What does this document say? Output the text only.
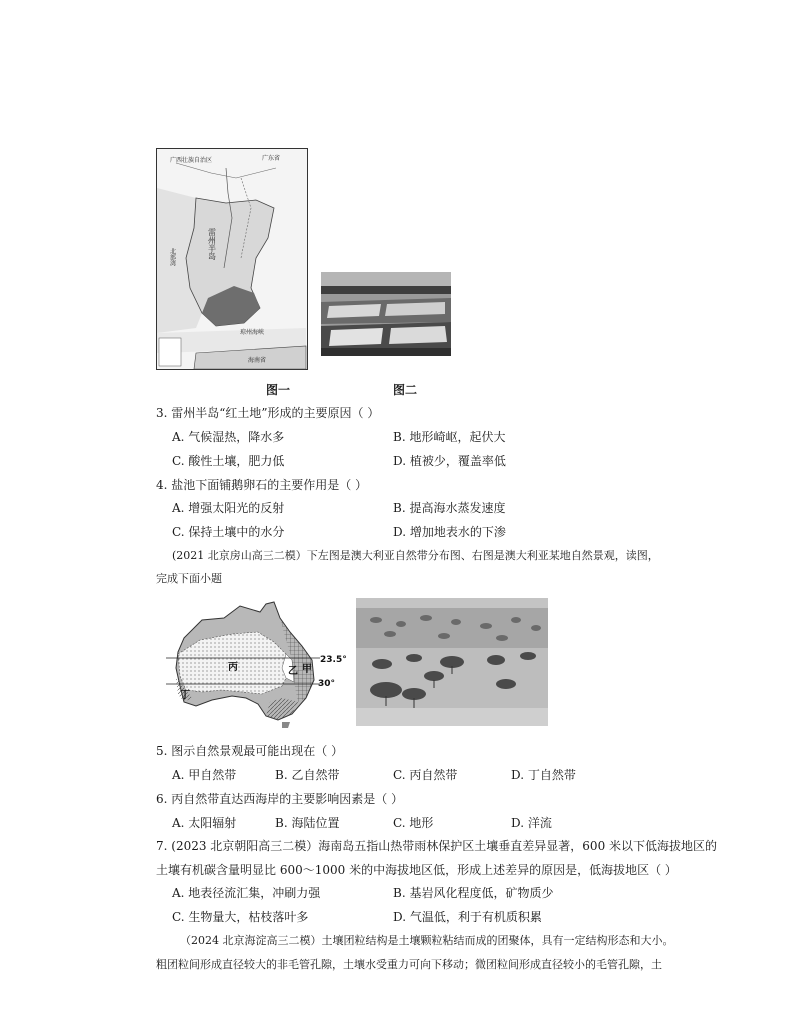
广西壮族自治区	广东省
雷州半岛
北部湾
琼州海峡
海南省
图一	图二
3. 雷州半岛“红土地”形成的主要原因（ ）
A. 气候湿热，降水多	B. 地形崎岖，起伏大
C. 酸性土壤，肥力低	D. 植被少，覆盖率低
4. 盐池下面铺鹅卵石的主要作用是（ ）
A. 增强太阳光的反射	B. 提高海水蒸发速度
C. 保持土壤中的水分	D. 增加地表水的下渗
(2021 北京房山高三二模）下左图是澳大利亚自然带分布图、右图是澳大利亚某地自然景观，读图，
完成下面小题
丙	乙 甲
丁
23.5°
30°
5. 图示自然景观最可能出现在（ ）
A. 甲自然带	B. 乙自然带	C. 丙自然带	D. 丁自然带
6. 丙自然带直达西海岸的主要影响因素是（ ）
A. 太阳辐射	B. 海陆位置	C. 地形	D. 洋流
7. (2023 北京朝阳高三二模）海南岛五指山热带雨林保护区土壤垂直差异显著，600 米以下低海拔地区的
土壤有机碳含量明显比 600～1000 米的中海拔地区低，形成上述差异的原因是，低海拔地区（ ）
A. 地表径流汇集，冲刷力强	B. 基岩风化程度低，矿物质少
C. 生物量大，枯枝落叶多	D. 气温低，利于有机质积累
（2024 北京海淀高三二模）土壤团粒结构是土壤颗粒粘结而成的团聚体，具有一定结构形态和大小。
粗团粒间形成直径较大的非毛管孔隙，土壤水受重力可向下移动；微团粒间形成直径较小的毛管孔隙，土
